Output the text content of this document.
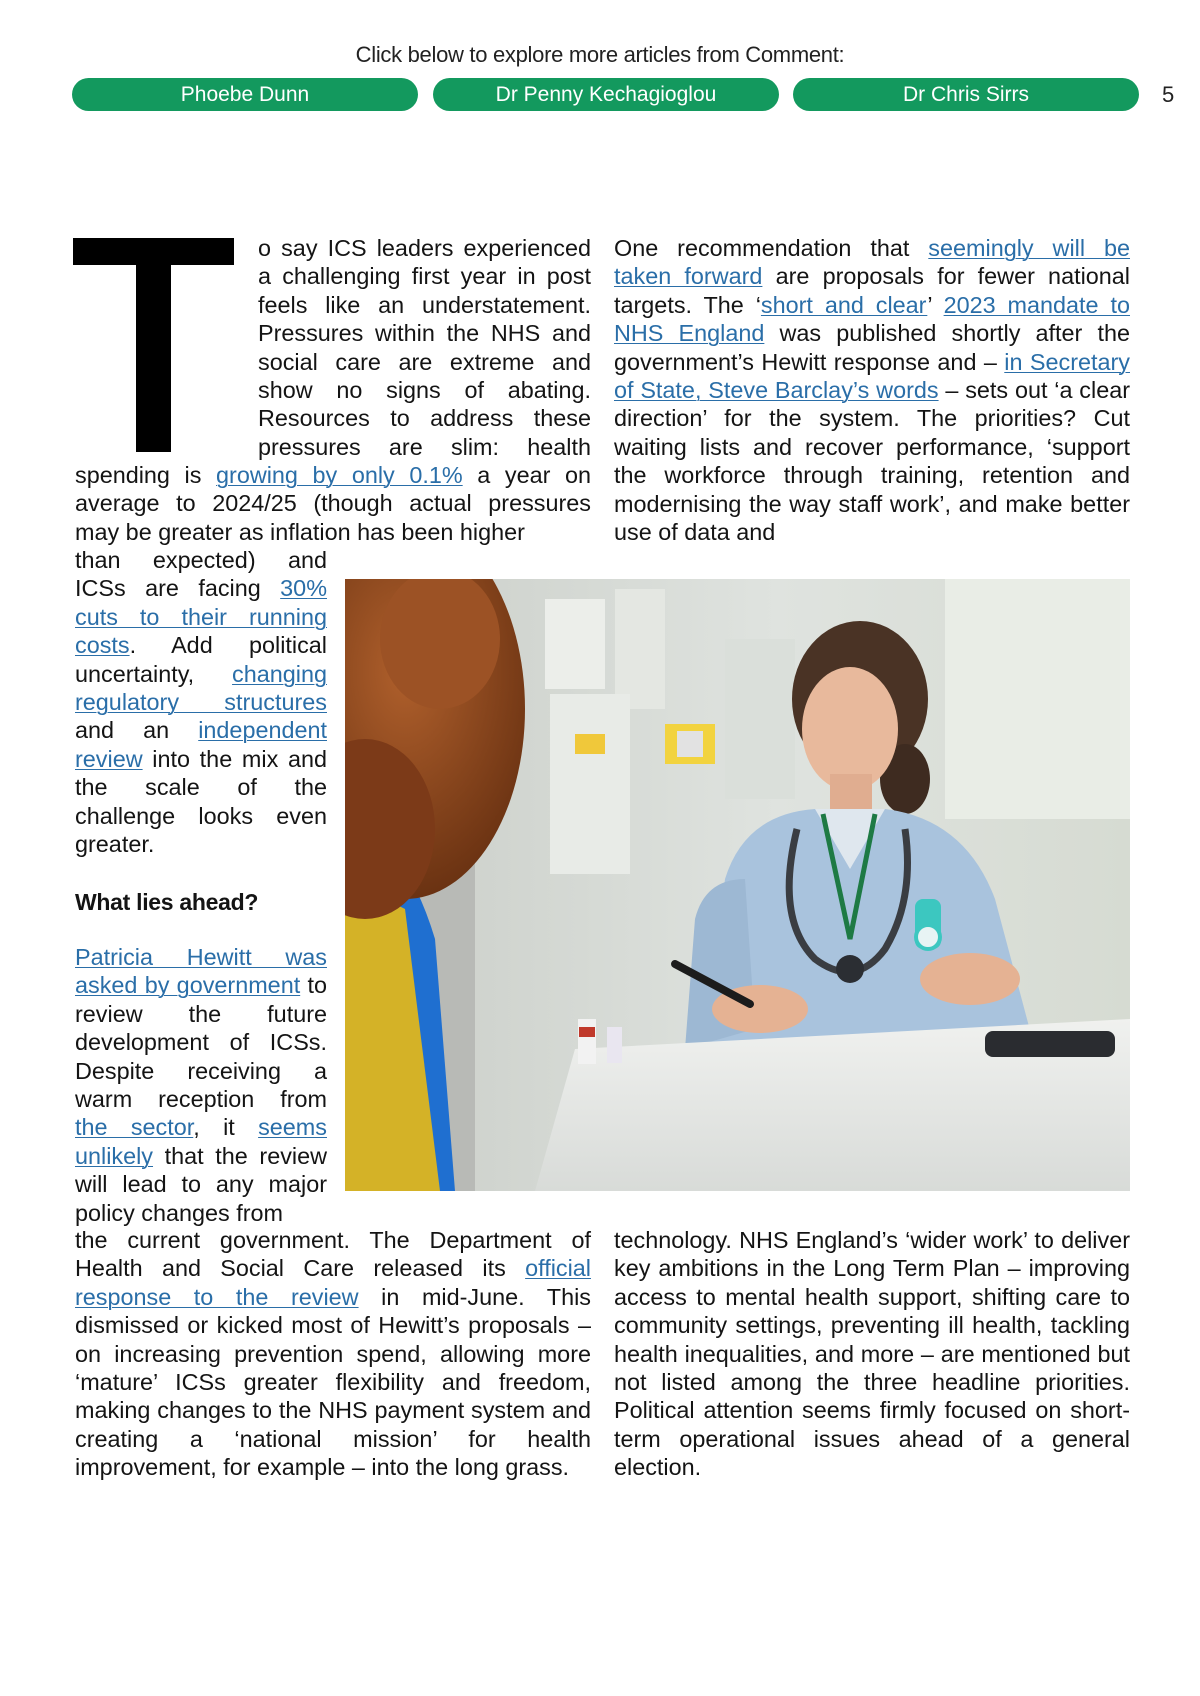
Click below to explore more articles from Comment:
Phoebe Dunn	Dr Penny Kechagioglou	Dr Chris Sirrs	5
o say ICS leaders experienced
a challenging first year in post
feels like an understatement.
Pressures within the NHS and
social care are extreme and
show no signs of abating.
Resources to address these
pressures are slim: health

spending is growing by only 0.1% a year on average to 2024/25 (though actual pressures may be greater as inflation has been higher

than expected) and ICSs are facing 30% cuts to their running costs. Add political uncertainty, changing regulatory structures and an independent review into the mix and the scale of the challenge looks even greater.

What lies ahead?

Patricia Hewitt was asked by government to review the future development of ICSs. Despite receiving a warm reception from the sector, it seems unlikely that the review will lead to any major policy changes from

the current government. The Department of Health and Social Care released its official response to the review in mid-June. This dismissed or kicked most of Hewitt’s proposals – on increasing prevention spend, allowing more ‘mature’ ICSs greater flexibility and freedom, making changes to the NHS payment system and creating a ‘national mission’ for health improvement, for example – into the long grass.

One recommendation that seemingly will be taken forward are proposals for fewer national targets. The ‘short and clear’ 2023 mandate to NHS England was published shortly after the government’s Hewitt response and – in Secretary of State, Steve Barclay’s words – sets out ‘a clear direction’ for the system. The priorities? Cut waiting lists and recover performance, ‘support the workforce through training, retention and modernising the way staff work’, and make better use of data and

technology. NHS England’s ‘wider work’ to deliver key ambitions in the Long Term Plan – improving access to mental health support, shifting care to community settings, preventing ill health, tackling health inequalities, and more – are mentioned but not listed among the three headline priorities. Political attention seems firmly focused on short-term operational issues ahead of a general election.
